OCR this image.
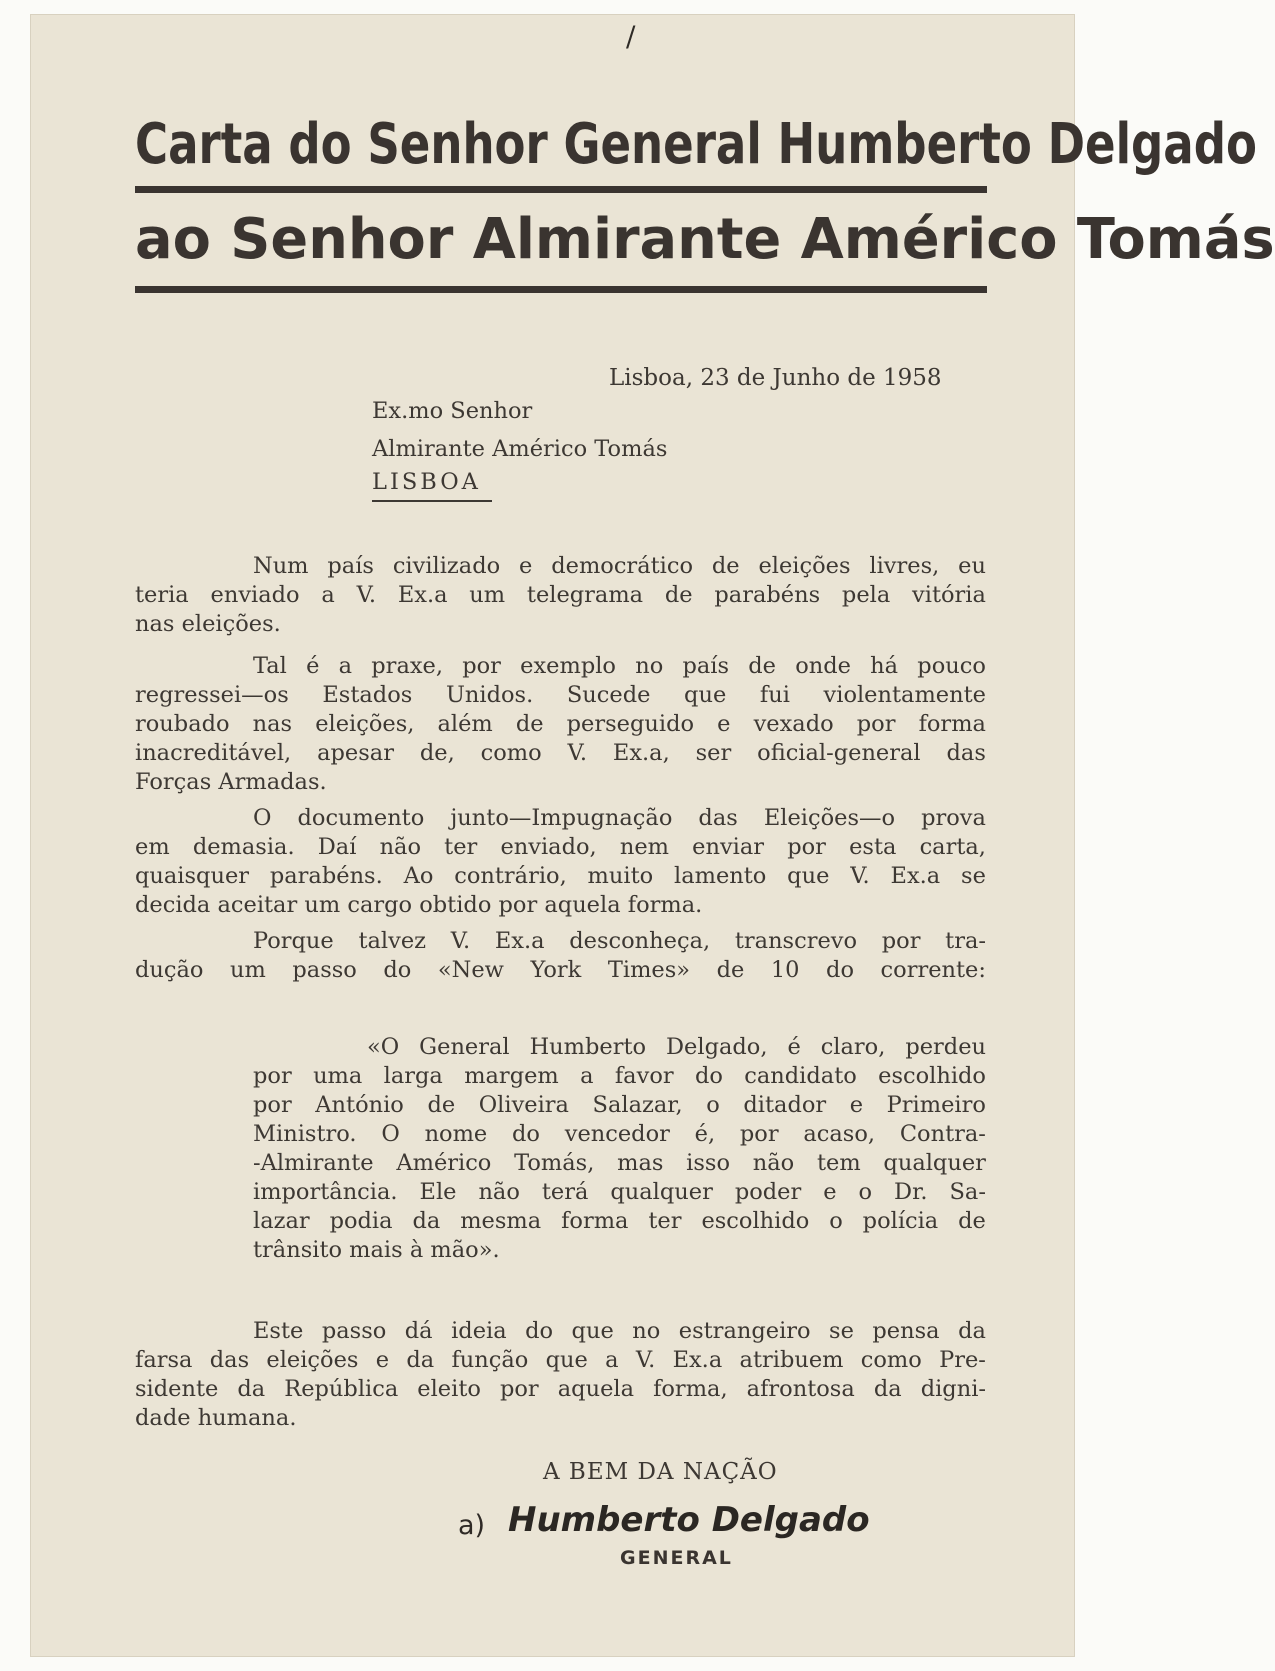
/
Carta do Senhor General Humberto Delgado
ao Senhor Almirante Américo Tomás
Lisboa, 23 de Junho de 1958
Ex.mo Senhor
Almirante Américo Tomás
LISBOA
Num país civilizado e democrático de eleições livres, eu
teria enviado a V. Ex.a um telegrama de parabéns pela vitória
nas eleições.
Tal é a praxe, por exemplo no país de onde há pouco
regressei—os Estados Unidos. Sucede que fui violentamente
roubado nas eleições, além de perseguido e vexado por forma
inacreditável, apesar de, como V. Ex.a, ser oficial-general das
Forças Armadas.
O documento junto—Impugnação das Eleições—o prova
em demasia. Daí não ter enviado, nem enviar por esta carta,
quaisquer parabéns. Ao contrário, muito lamento que V. Ex.a se
decida aceitar um cargo obtido por aquela forma.
Porque talvez V. Ex.a desconheça, transcrevo por tra-
dução um passo do «New York Times» de 10 do corrente:
«O General Humberto Delgado, é claro, perdeu
por uma larga margem a favor do candidato escolhido
por António de Oliveira Salazar, o ditador e Primeiro
Ministro. O nome do vencedor é, por acaso, Contra-
-Almirante Américo Tomás, mas isso não tem qualquer
importância. Ele não terá qualquer poder e o Dr. Sa-
lazar podia da mesma forma ter escolhido o polícia de
trânsito mais à mão».
Este passo dá ideia do que no estrangeiro se pensa da
farsa das eleições e da função que a V. Ex.a atribuem como Pre-
sidente da República eleito por aquela forma, afrontosa da digni-
dade humana.
A BEM DA NAÇÃO
a) Humberto Delgado
GENERAL
